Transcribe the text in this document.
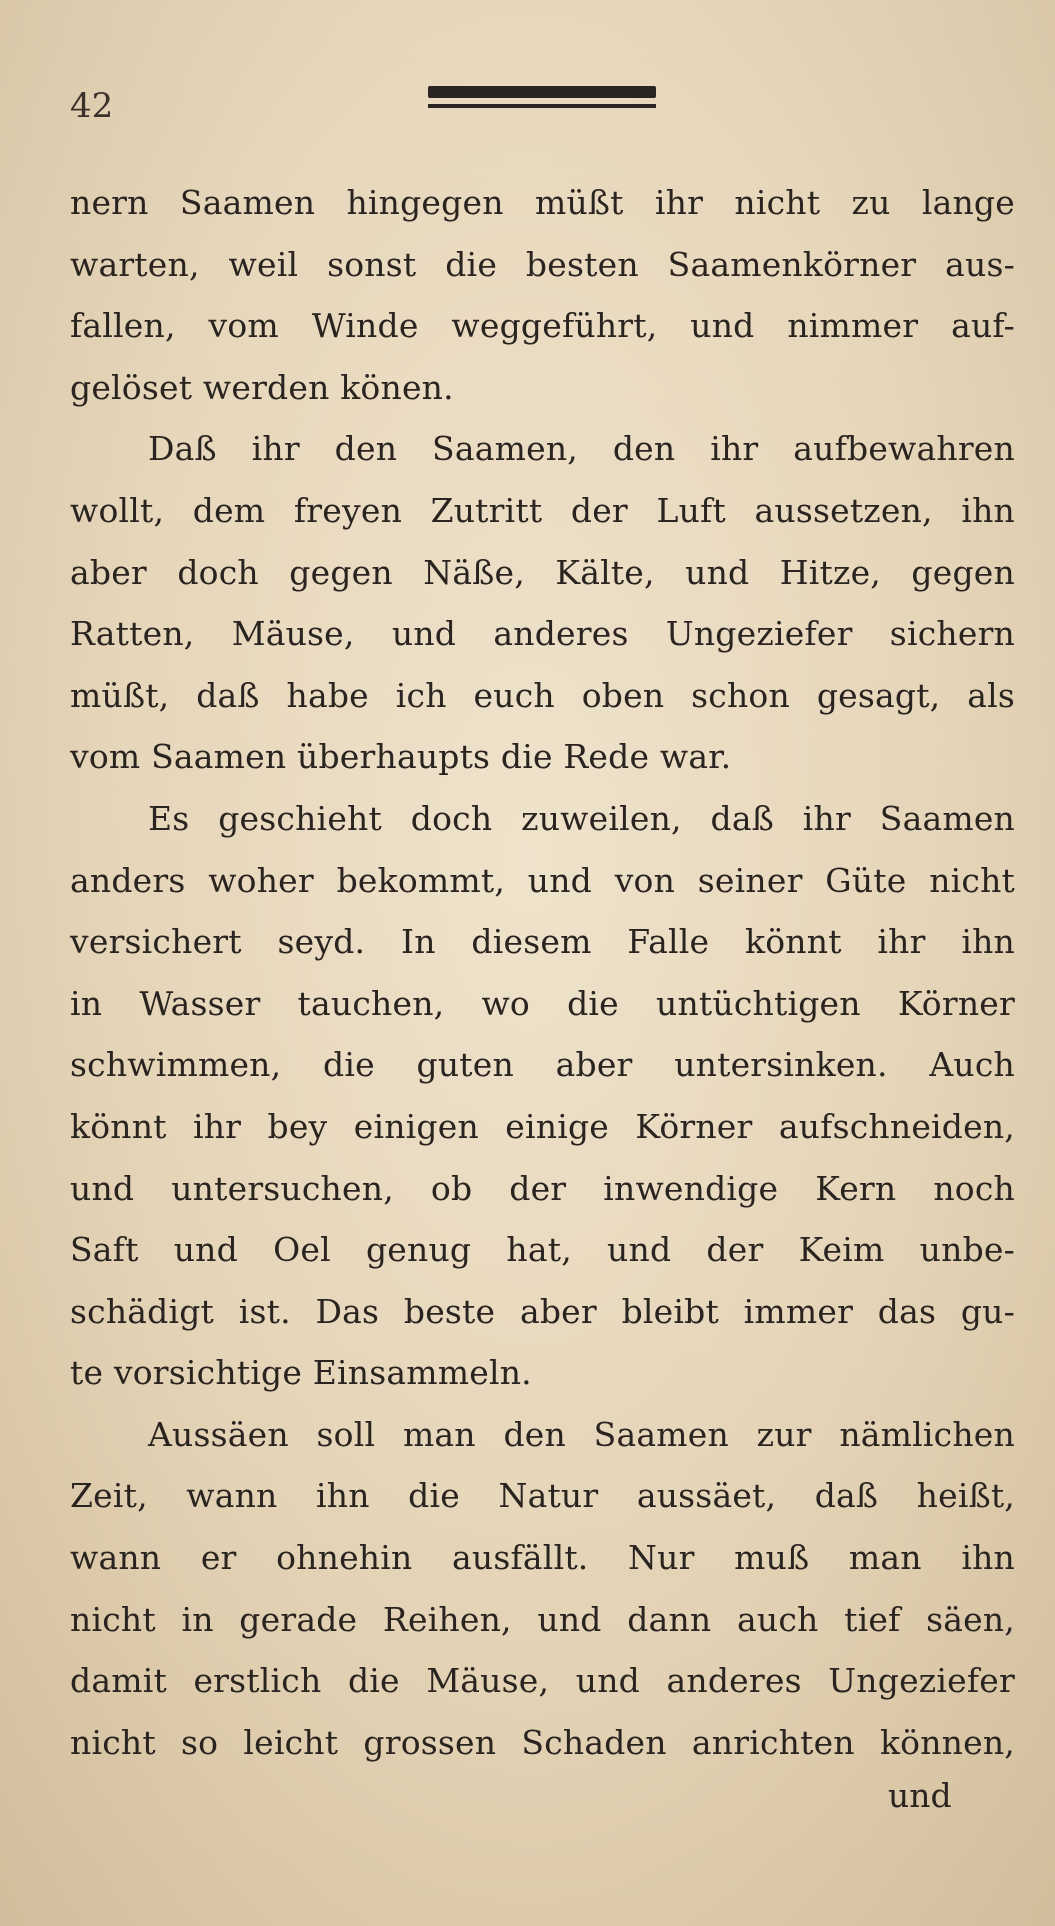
42
nern Saamen hingegen müßt ihr nicht zu lange
warten, weil sonst die besten Saamenkörner aus-
fallen, vom Winde weggeführt, und nimmer auf-
gelöset werden könen.
Daß ihr den Saamen, den ihr aufbewahren
wollt, dem freyen Zutritt der Luft aussetzen, ihn
aber doch gegen Näße, Kälte, und Hitze, gegen
Ratten, Mäuse, und anderes Ungeziefer sichern
müßt, daß habe ich euch oben schon gesagt, als
vom Saamen überhaupts die Rede war.
Es geschieht doch zuweilen, daß ihr Saamen
anders woher bekommt, und von seiner Güte nicht
versichert seyd. In diesem Falle könnt ihr ihn
in Wasser tauchen, wo die untüchtigen Körner
schwimmen, die guten aber untersinken. Auch
könnt ihr bey einigen einige Körner aufschneiden,
und untersuchen, ob der inwendige Kern noch
Saft und Oel genug hat, und der Keim unbe-
schädigt ist. Das beste aber bleibt immer das gu-
te vorsichtige Einsammeln.
Aussäen soll man den Saamen zur nämlichen
Zeit, wann ihn die Natur aussäet, daß heißt,
wann er ohnehin ausfällt. Nur muß man ihn
nicht in gerade Reihen, und dann auch tief säen,
damit erstlich die Mäuse, und anderes Ungeziefer
nicht so leicht grossen Schaden anrichten können,
und
